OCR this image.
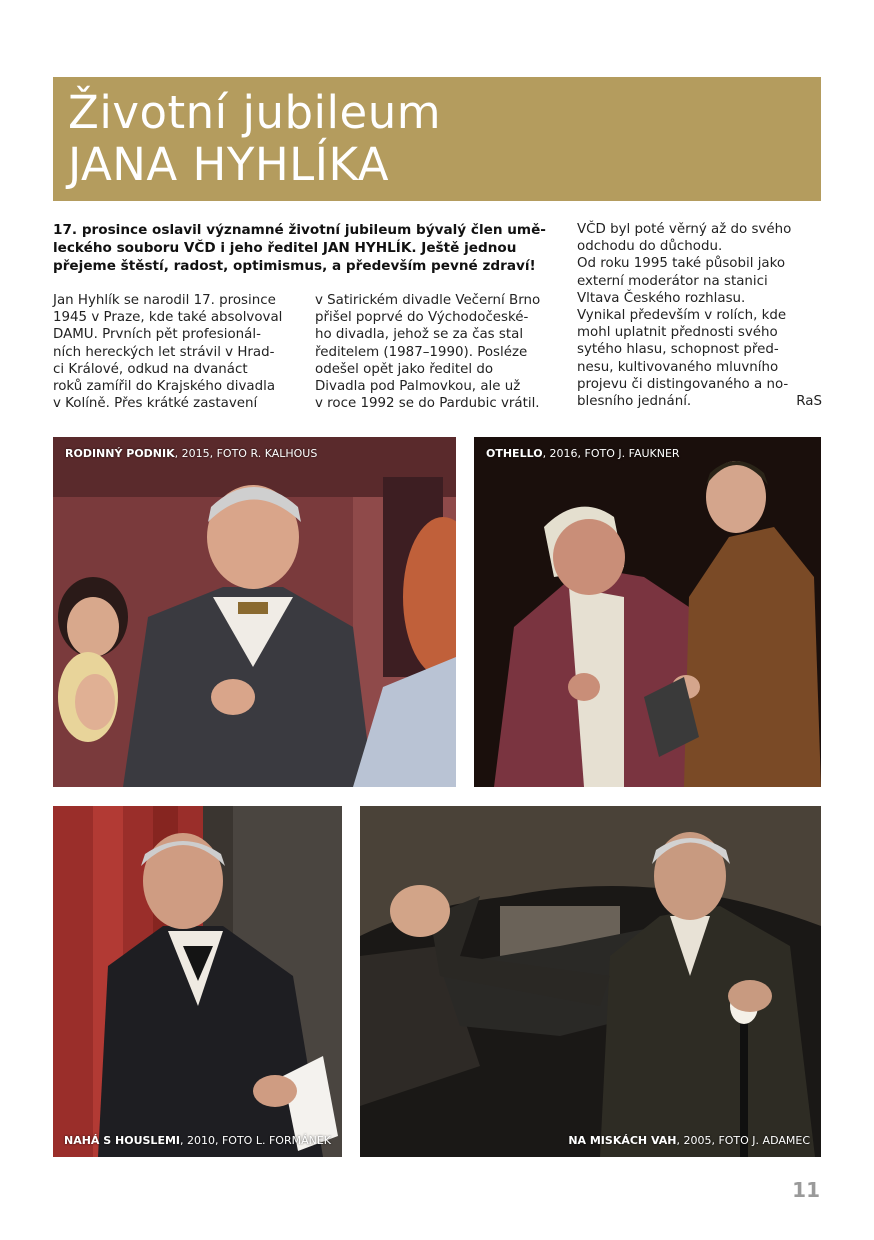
Životní jubileum
JANA HYHLÍKA
17. prosince oslavil významné životní jubileum bývalý člen umě-
leckého souboru VČD i jeho ředitel JAN HYHLÍK. Ještě jednou
přejeme štěstí, radost, optimismus, a především pevné zdraví!
Jan Hyhlík se narodil 17. prosince
1945 v Praze, kde také absolvoval
DAMU. Prvních pět profesionál-
ních hereckých let strávil v Hrad-
ci Králové, odkud na dvanáct
roků zamířil do Krajského divadla
v Kolíně. Přes krátké zastavení
v Satirickém divadle Večerní Brno
přišel poprvé do Východočeské-
ho divadla, jehož se za čas stal
ředitelem (1987–1990). Posléze
odešel opět jako ředitel do
Divadla pod Palmovkou, ale už
v roce 1992 se do Pardubic vrátil.
VČD byl poté věrný až do svého
odchodu do důchodu.
Od roku 1995 také působil jako
externí moderátor na stanici
Vltava Českého rozhlasu.
Vynikal především v rolích, kde
mohl uplatnit přednosti svého
sytého hlasu, schopnost před-
nesu, kultivovaného mluvního
projevu či distingovaného a no-
blesního jednání.	RaS
RODINNÝ PODNIK, 2015, FOTO R. KALHOUS	OTHELLO, 2016, FOTO J. FAUKNER
NAHÁ S HOUSLEMI, 2010, FOTO L. FORMÁNEK	NA MISKÁCH VAH, 2005, FOTO J. ADAMEC
11
